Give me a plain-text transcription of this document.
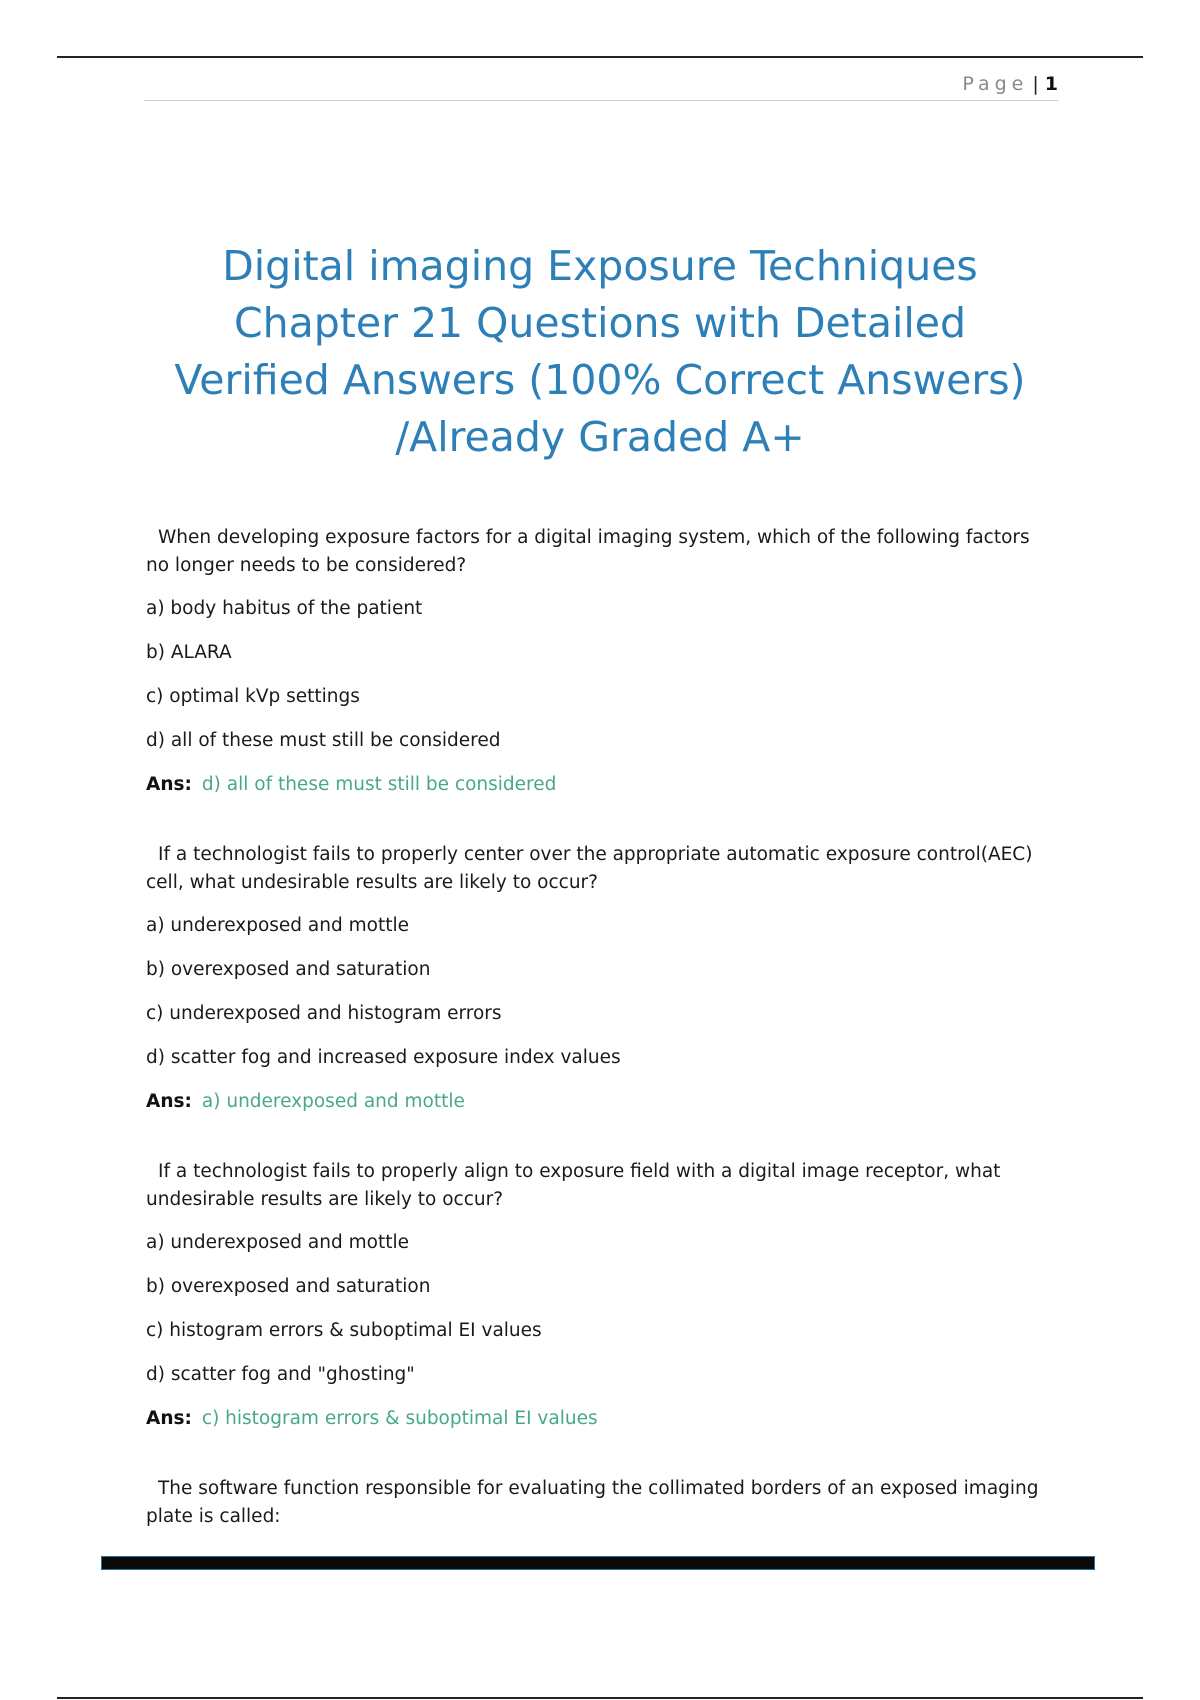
Page | 1
Digital imaging Exposure Techniques
Chapter 21 Questions with Detailed
Verified Answers (100% Correct Answers)
/Already Graded A+

When developing exposure factors for a digital imaging system, which of the following factors no longer needs to be considered?

a) body habitus of the patient

b) ALARA

c) optimal kVp settings

d) all of these must still be considered

Ans: d) all of these must still be considered

If a technologist fails to properly center over the appropriate automatic exposure control(AEC) cell, what undesirable results are likely to occur?

a) underexposed and mottle

b) overexposed and saturation

c) underexposed and histogram errors

d) scatter fog and increased exposure index values

Ans: a) underexposed and mottle

If a technologist fails to properly align to exposure field with a digital image receptor, what undesirable results are likely to occur?

a) underexposed and mottle

b) overexposed and saturation

c) histogram errors & suboptimal EI values

d) scatter fog and "ghosting"

Ans: c) histogram errors & suboptimal EI values

The software function responsible for evaluating the collimated borders of an exposed imaging plate is called:
